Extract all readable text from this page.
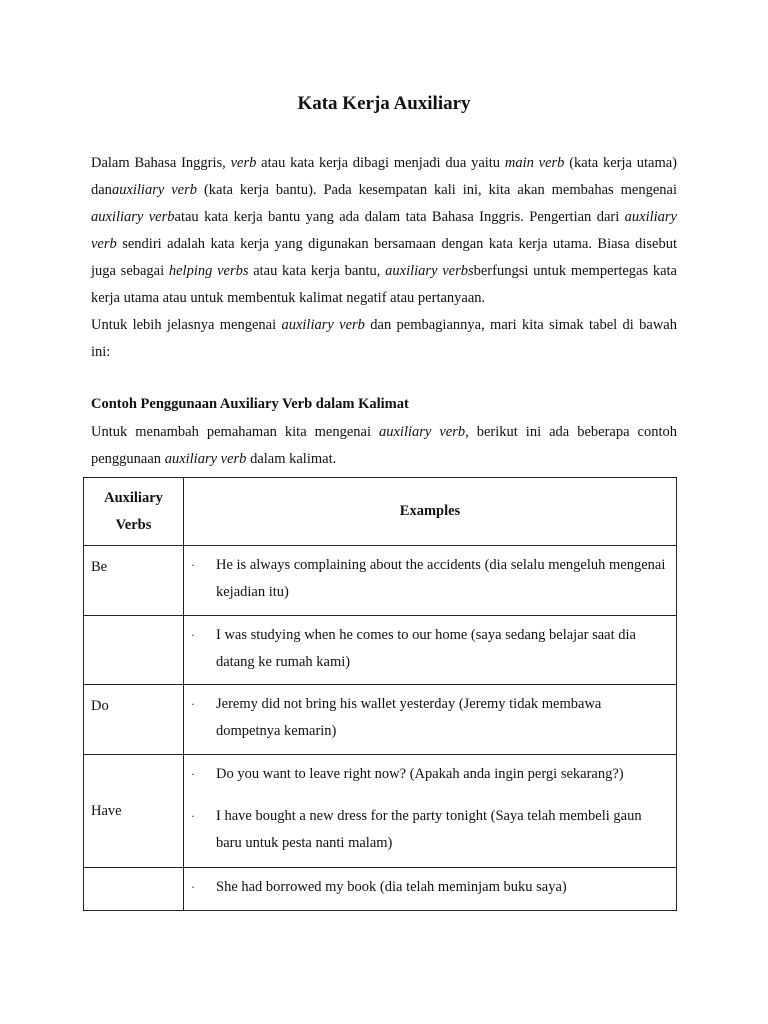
Kata Kerja Auxiliary
Dalam Bahasa Inggris, verb atau kata kerja dibagi menjadi dua yaitu main verb (kata kerja utama) danauxiliary verb (kata kerja bantu). Pada kesempatan kali ini, kita akan membahas mengenai auxiliary verbatau kata kerja bantu yang ada dalam tata Bahasa Inggris. Pengertian dari auxiliary verb sendiri adalah kata kerja yang digunakan bersamaan dengan kata kerja utama. Biasa disebut juga sebagai helping verbs atau kata kerja bantu, auxiliary verbsberfungsi untuk mempertegas kata kerja utama atau untuk membentuk kalimat negatif atau pertanyaan.
Untuk lebih jelasnya mengenai auxiliary verb dan pembagiannya, mari kita simak tabel di bawah ini:
Contoh Penggunaan Auxiliary Verb dalam Kalimat
Untuk menambah pemahaman kita mengenai auxiliary verb, berikut ini ada beberapa contoh penggunaan auxiliary verb dalam kalimat.
Auxiliary Verbs	Examples
Be	· He is always complaining about the accidents (dia selalu mengeluh mengenai kejadian itu)

	· I was studying when he comes to our home (saya sedang belajar saat dia datang ke rumah kami)

Do	· Jeremy did not bring his wallet yesterday (Jeremy tidak membawa dompetnya kemarin)

Have	· Do you want to leave right now? (Apakah anda ingin pergi sekarang?)
· I have bought a new dress for the party tonight (Saya telah membeli gaun baru untuk pesta nanti malam)

	· She had borrowed my book (dia telah meminjam buku saya)
